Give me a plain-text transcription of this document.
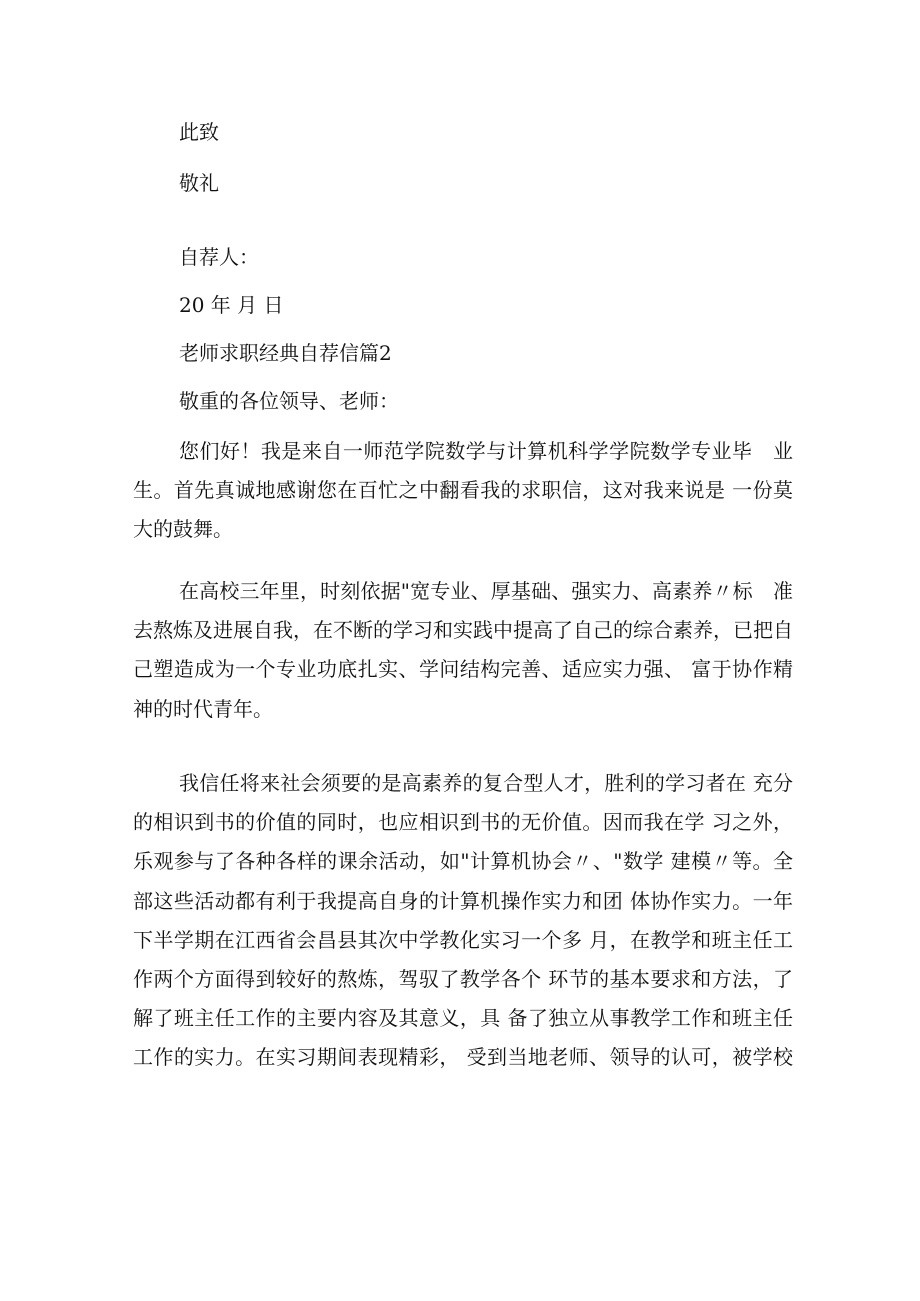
此致
敬礼
自荐人：
20 年 月 日
老师求职经典自荐信篇2
敬重的各位领导、老师：
您们好！我是来自一师范学院数学与计算机科学学院数学专业毕　业
生。首先真诚地感谢您在百忙之中翻看我的求职信，这对我来说是 一份莫
大的鼓舞。
在高校三年里，时刻依据"宽专业、厚基础、强实力、高素养〃标　准
去熬炼及进展自我，在不断的学习和实践中提高了自己的综合素养，已把自
己塑造成为一个专业功底扎实、学问结构完善、适应实力强、 富于协作精
神的时代青年。
我信任将来社会须要的是高素养的复合型人才，胜利的学习者在 充分
的相识到书的价值的同时，也应相识到书的无价值。因而我在学 习之外，
乐观参与了各种各样的课余活动，如"计算机协会〃、"数学 建模〃等。全
部这些活动都有利于我提高自身的计算机操作实力和团 体协作实力。一年
下半学期在江西省会昌县其次中学教化实习一个多 月，在教学和班主任工
作两个方面得到较好的熬炼，驾驭了教学各个 环节的基本要求和方法，了
解了班主任工作的主要内容及其意义，具 备了独立从事教学工作和班主任
工作的实力。在实习期间表现精彩， 受到当地老师、领导的认可，被学校
